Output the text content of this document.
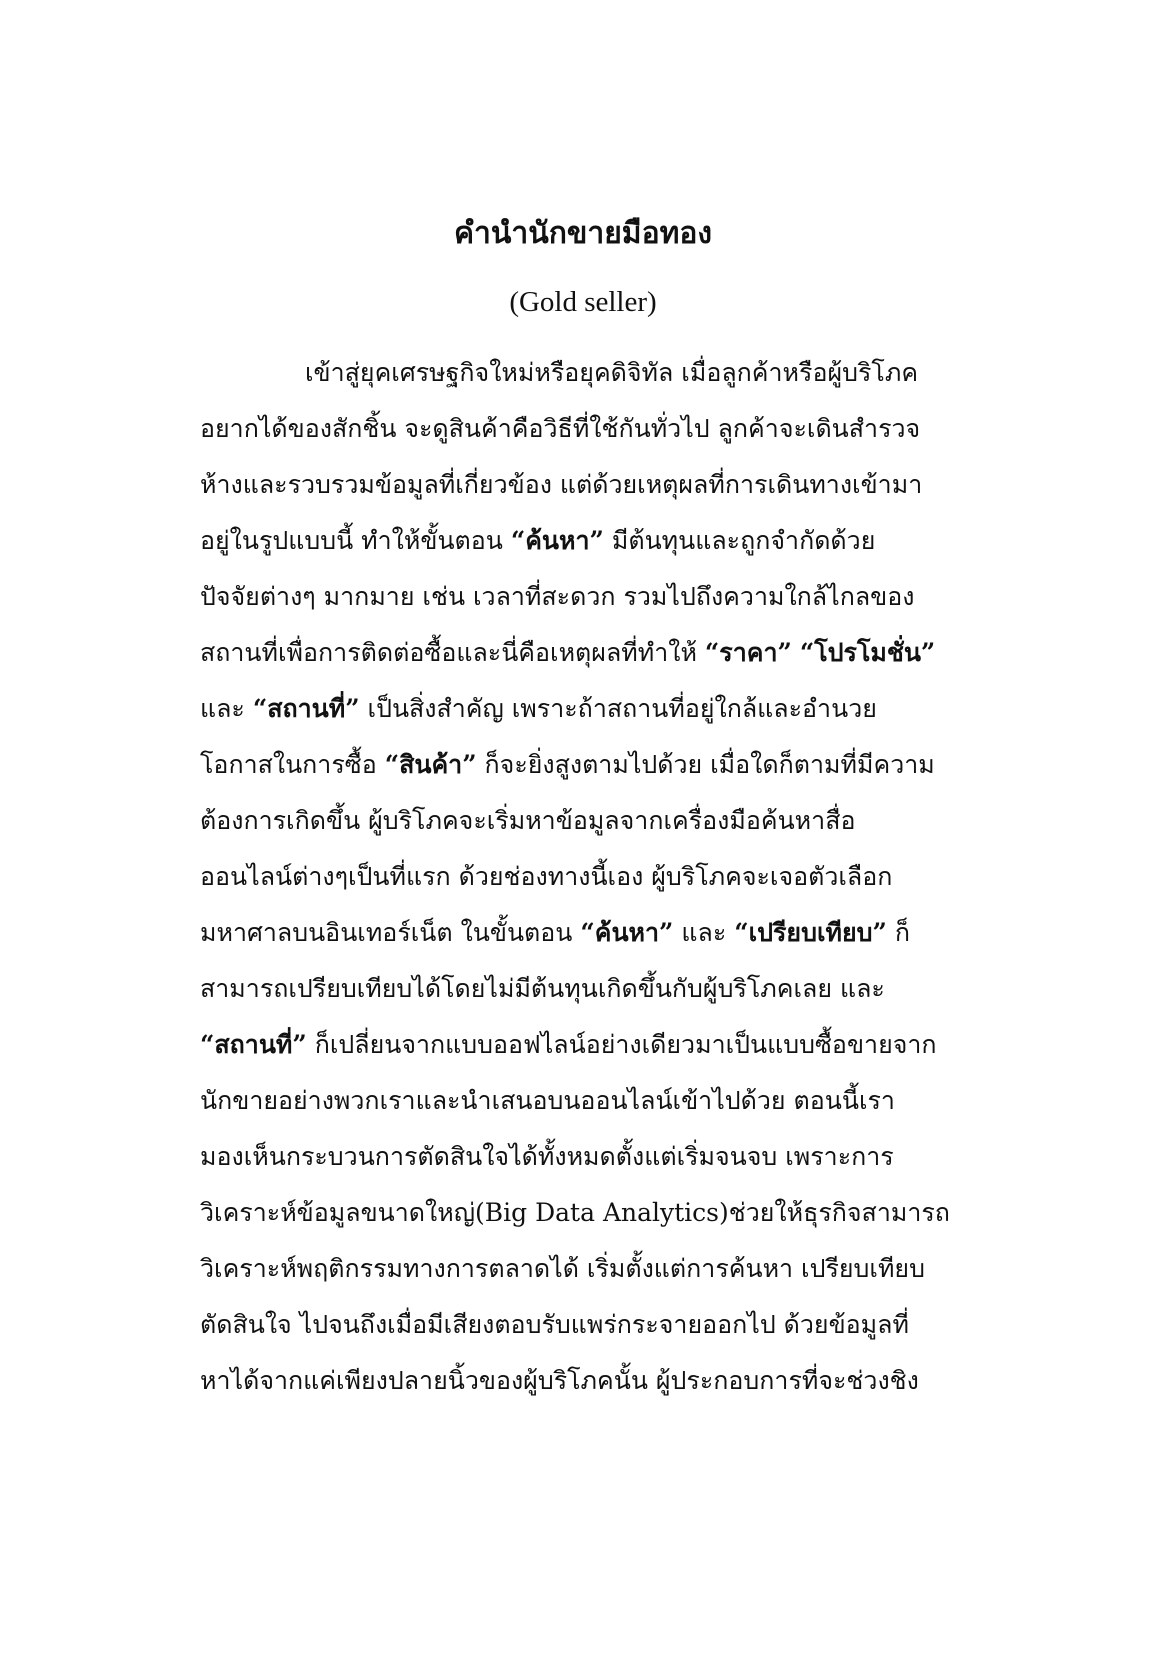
คำนำนักขายมือทอง

(Gold seller)

เข้าสู่ยุคเศรษฐกิจใหม่หรือยุคดิจิทัล เมื่อลูกค้าหรือผู้บริโภค
อยากได้ของสักชิ้น จะดูสินค้าคือวิธีที่ใช้กันทั่วไป ลูกค้าจะเดินสำรวจ
ห้างและรวบรวมข้อมูลที่เกี่ยวข้อง แต่ด้วยเหตุผลที่การเดินทางเข้ามา
อยู่ในรูปแบบนี้ ทำให้ขั้นตอน “ค้นหา” มีต้นทุนและถูกจำกัดด้วย
ปัจจัยต่างๆ มากมาย เช่น เวลาที่สะดวก รวมไปถึงความใกล้ไกลของ
สถานที่เพื่อการติดต่อซื้อและนี่คือเหตุผลที่ทำให้ “ราคา” “โปรโมชั่น”
และ “สถานที่” เป็นสิ่งสำคัญ เพราะถ้าสถานที่อยู่ใกล้และอำนวย
โอกาสในการซื้อ “สินค้า” ก็จะยิ่งสูงตามไปด้วย เมื่อใดก็ตามที่มีความ
ต้องการเกิดขึ้น ผู้บริโภคจะเริ่มหาข้อมูลจากเครื่องมือค้นหาสื่อ
ออนไลน์ต่างๆเป็นที่แรก ด้วยช่องทางนี้เอง ผู้บริโภคจะเจอตัวเลือก
มหาศาลบนอินเทอร์เน็ต ในขั้นตอน “ค้นหา” และ “เปรียบเทียบ” ก็
สามารถเปรียบเทียบได้โดยไม่มีต้นทุนเกิดขึ้นกับผู้บริโภคเลย และ
“สถานที่” ก็เปลี่ยนจากแบบออฟไลน์อย่างเดียวมาเป็นแบบซื้อขายจาก
นักขายอย่างพวกเราและนำเสนอบนออนไลน์เข้าไปด้วย ตอนนี้เรา
มองเห็นกระบวนการตัดสินใจได้ทั้งหมดตั้งแต่เริ่มจนจบ เพราะการ
วิเคราะห์ข้อมูลขนาดใหญ่(Big Data Analytics)ช่วยให้ธุรกิจสามารถ
วิเคราะห์พฤติกรรมทางการตลาดได้ เริ่มตั้งแต่การค้นหา เปรียบเทียบ
ตัดสินใจ ไปจนถึงเมื่อมีเสียงตอบรับแพร่กระจายออกไป ด้วยข้อมูลที่
หาได้จากแค่เพียงปลายนิ้วของผู้บริโภคนั้น ผู้ประกอบการที่จะช่วงชิง
